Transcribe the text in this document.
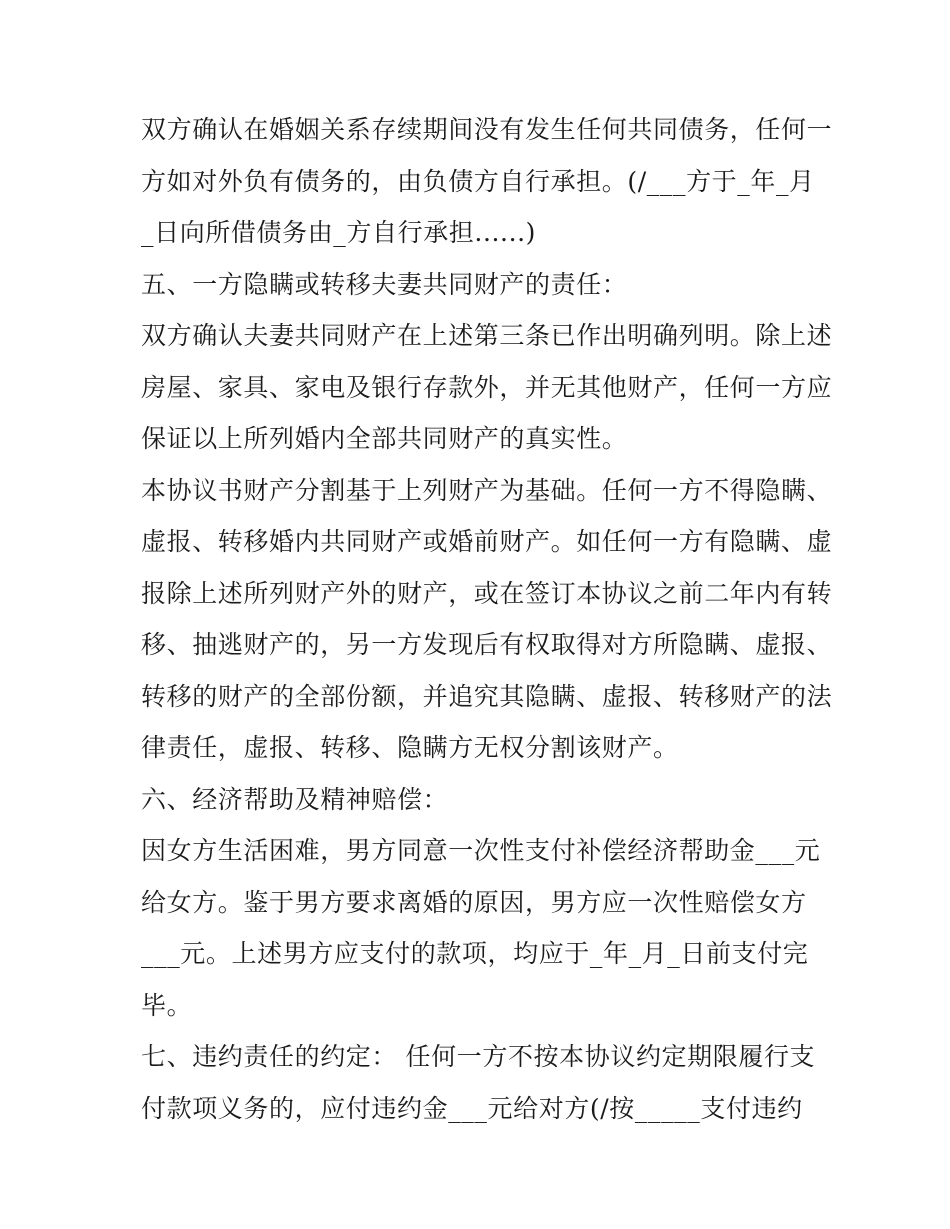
双方确认在婚姻关系存续期间没有发生任何共同债务，任何一
方如对外负有债务的，由负债方自行承担。(/___方于_年_月
_日向所借债务由_方自行承担......)
五、一方隐瞒或转移夫妻共同财产的责任：
双方确认夫妻共同财产在上述第三条已作出明确列明。除上述
房屋、家具、家电及银行存款外，并无其他财产，任何一方应
保证以上所列婚内全部共同财产的真实性。
本协议书财产分割基于上列财产为基础。任何一方不得隐瞒、
虚报、转移婚内共同财产或婚前财产。如任何一方有隐瞒、虚
报除上述所列财产外的财产，或在签订本协议之前二年内有转
移、抽逃财产的，另一方发现后有权取得对方所隐瞒、虚报、
转移的财产的全部份额，并追究其隐瞒、虚报、转移财产的法
律责任，虚报、转移、隐瞒方无权分割该财产。
六、经济帮助及精神赔偿：
因女方生活困难，男方同意一次性支付补偿经济帮助金___元
给女方。鉴于男方要求离婚的原因，男方应一次性赔偿女方
___元。上述男方应支付的款项，均应于_年_月_日前支付完
毕。
七、违约责任的约定： 任何一方不按本协议约定期限履行支
付款项义务的，应付违约金___元给对方(/按_____支付违约
